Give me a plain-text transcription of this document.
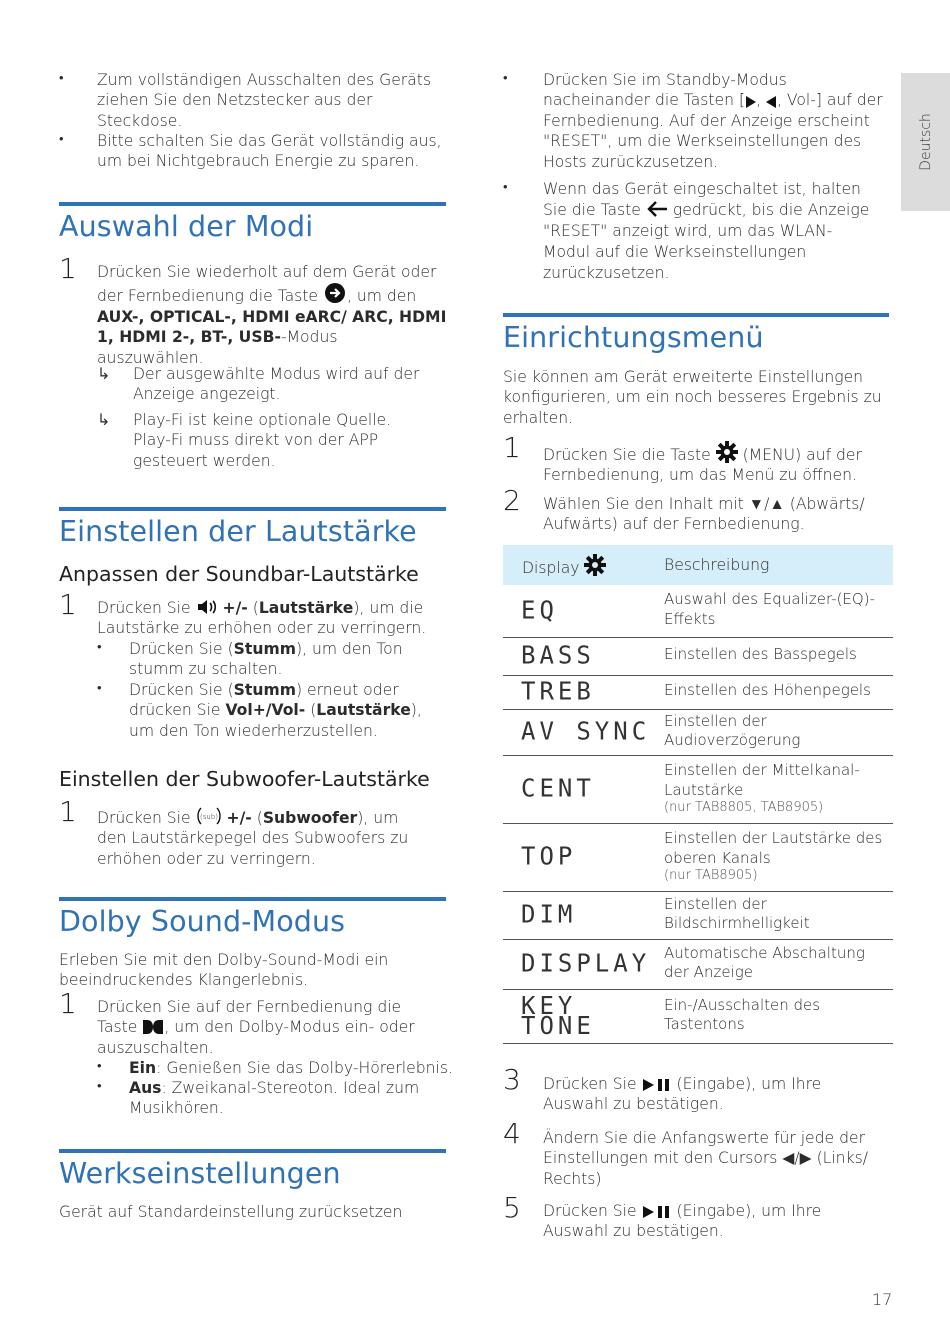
Deutsch
• Zum vollständigen Ausschalten des Geräts ziehen Sie den Netzstecker aus der Steckdose.
• Bitte schalten Sie das Gerät vollständig aus, um bei Nichtgebrauch Energie zu sparen.
Auswahl der Modi
1 Drücken Sie wiederholt auf dem Gerät oder der Fernbedienung die Taste , um den AUX-, OPTICAL-, HDMI eARC/ ARC, HDMI 1, HDMI 2-, BT-, USB--Modus auszuwählen.
↳ Der ausgewählte Modus wird auf der Anzeige angezeigt.
↳ Play-Fi ist keine optionale Quelle. Play-Fi muss direkt von der APP gesteuert werden.
Einstellen der Lautstärke
Anpassen der Soundbar-Lautstärke
1 Drücken Sie +/- (Lautstärke), um die Lautstärke zu erhöhen oder zu verringern.
• Drücken Sie (Stumm), um den Ton stumm zu schalten.
• Drücken Sie (Stumm) erneut oder drücken Sie Vol+/Vol- (Lautstärke), um den Ton wiederherzustellen.
Einstellen der Subwoofer-Lautstärke
1 Drücken Sie (sub) +/- (Subwoofer), um den Lautstärkepegel des Subwoofers zu erhöhen oder zu verringern.
Dolby Sound-Modus
Erleben Sie mit den Dolby-Sound-Modi ein beeindruckendes Klangerlebnis.
1 Drücken Sie auf der Fernbedienung die Taste , um den Dolby-Modus ein- oder auszuschalten.
• Ein: Genießen Sie das Dolby-Hörerlebnis.
• Aus: Zweikanal-Stereoton. Ideal zum Musikhören.
Werkseinstellungen
Gerät auf Standardeinstellung zurücksetzen
• Drücken Sie im Standby-Modus nacheinander die Tasten [ , , Vol-] auf der Fernbedienung. Auf der Anzeige erscheint "RESET", um die Werkseinstellungen des Hosts zurückzusetzen.
• Wenn das Gerät eingeschaltet ist, halten Sie die Taste gedrückt, bis die Anzeige "RESET" anzeigt wird, um das WLAN-Modul auf die Werkseinstellungen zurückzusetzen.
Einrichtungsmenü
Sie können am Gerät erweiterte Einstellungen konfigurieren, um ein noch besseres Ergebnis zu erhalten.
1 Drücken Sie die Taste (MENU) auf der Fernbedienung, um das Menü zu öffnen.
2 Wählen Sie den Inhalt mit ▼/▲ (Abwärts/ Aufwärts) auf der Fernbedienung.
Display	Beschreibung
EQ	Auswahl des Equalizer-(EQ)-Effekts
BASS	Einstellen des Basspegels
TREB	Einstellen des Höhenpegels
AV SYNC	Einstellen der Audioverzögerung
CENT	Einstellen der Mittelkanal-Lautstärke
(nur TAB8805, TAB8905)

TOP	Einstellen der Lautstärke des oberen Kanals
(nur TAB8905)

DIM	Einstellen der Bildschirmhelligkeit
DISPLAY	Automatische Abschaltung der Anzeige
KEY TONE	Ein-/Ausschalten des Tastentons
3 Drücken Sie	(Eingabe), um Ihre Auswahl zu bestätigen.
4 Ändern Sie die Anfangswerte für jede der Einstellungen mit den Cursors ◀/▶ (Links/ Rechts)
5 Drücken Sie	(Eingabe), um Ihre Auswahl zu bestätigen.
17
